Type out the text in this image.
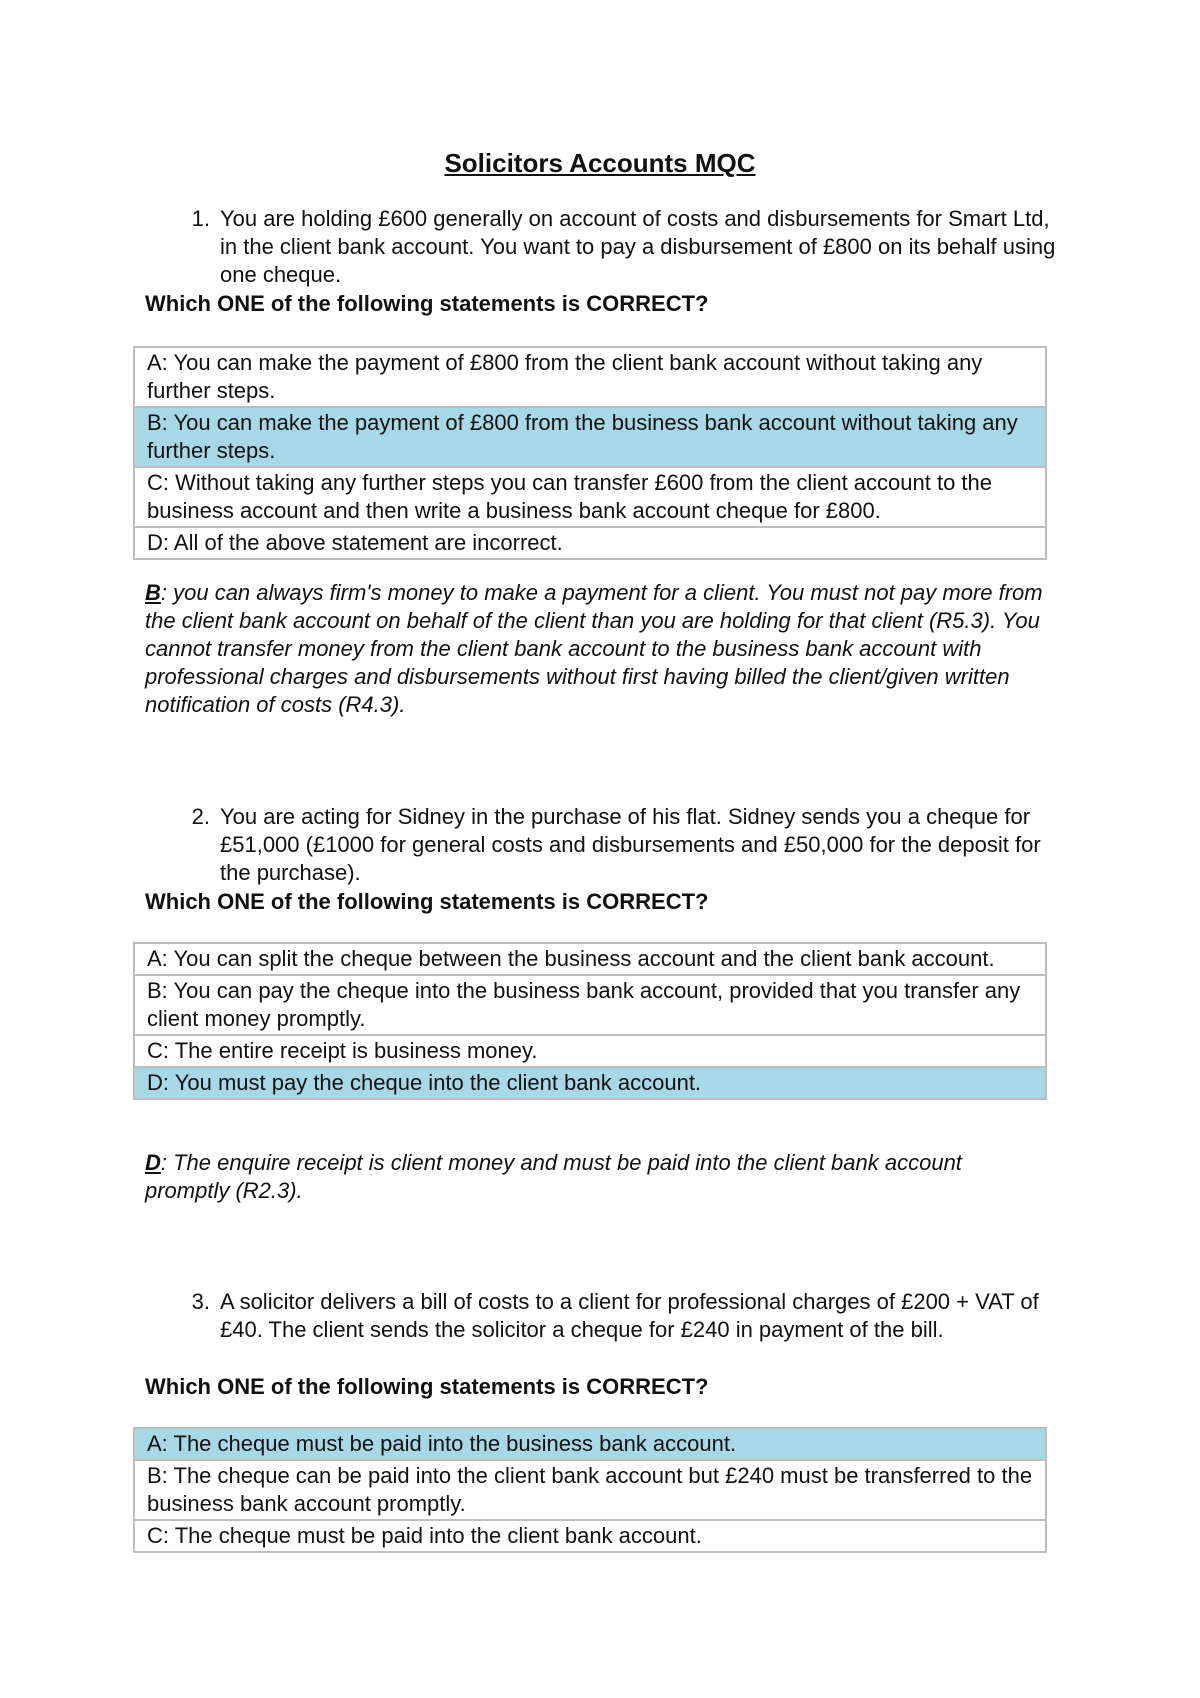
Solicitors Accounts MQC
1. You are holding £600 generally on account of costs and disbursements for Smart Ltd, in the client bank account. You want to pay a disbursement of £800 on its behalf using one cheque.
Which ONE of the following statements is CORRECT?
A: You can make the payment of £800 from the client bank account without taking any further steps.
B: You can make the payment of £800 from the business bank account without taking any further steps.
C: Without taking any further steps you can transfer £600 from the client account to the business account and then write a business bank account cheque for £800.
D: All of the above statement are incorrect.
B: you can always firm's money to make a payment for a client. You must not pay more from the client bank account on behalf of the client than you are holding for that client (R5.3). You cannot transfer money from the client bank account to the business bank account with professional charges and disbursements without first having billed the client/given written notification of costs (R4.3).
2. You are acting for Sidney in the purchase of his flat. Sidney sends you a cheque for £51,000 (£1000 for general costs and disbursements and £50,000 for the deposit for the purchase).
Which ONE of the following statements is CORRECT?
A: You can split the cheque between the business account and the client bank account.
B: You can pay the cheque into the business bank account, provided that you transfer any client money promptly.
C: The entire receipt is business money.
D: You must pay the cheque into the client bank account.
D: The enquire receipt is client money and must be paid into the client bank account promptly (R2.3).
3. A solicitor delivers a bill of costs to a client for professional charges of £200 + VAT of £40. The client sends the solicitor a cheque for £240 in payment of the bill.
Which ONE of the following statements is CORRECT?
A: The cheque must be paid into the business bank account.
B: The cheque can be paid into the client bank account but £240 must be transferred to the business bank account promptly.
C: The cheque must be paid into the client bank account.
